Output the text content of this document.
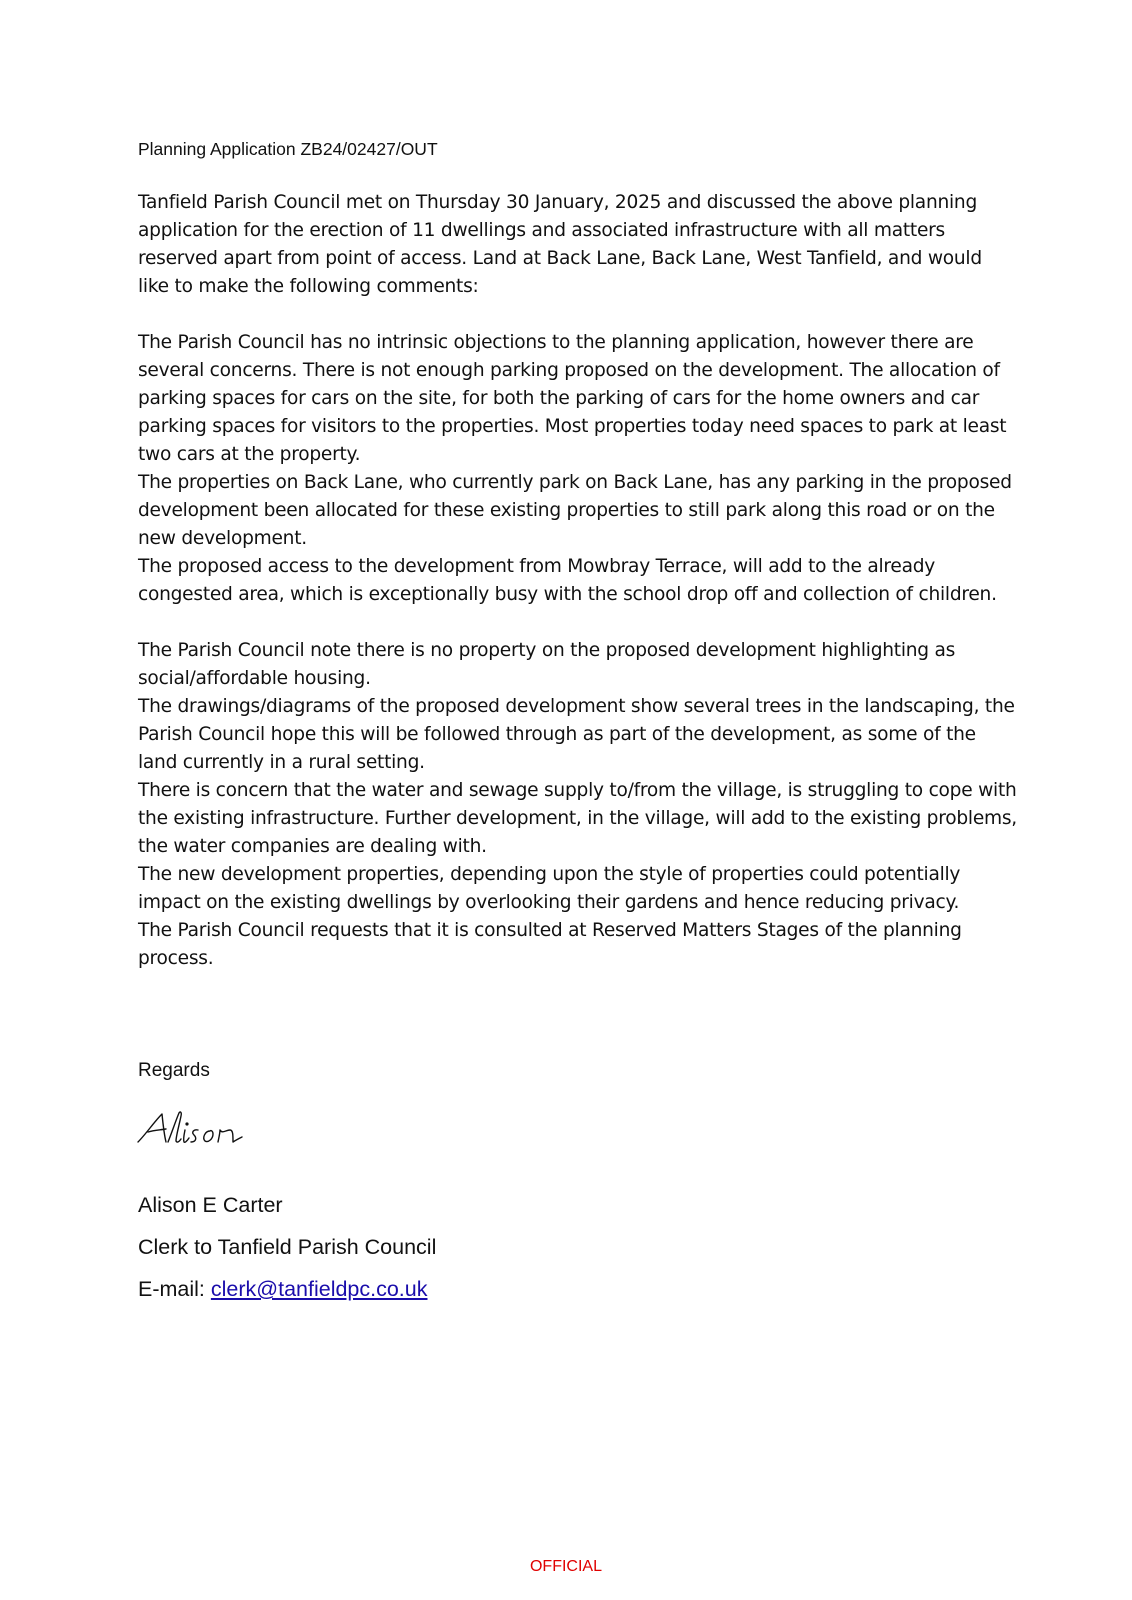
Planning Application ZB24/02427/OUT

Tanfield Parish Council met on Thursday 30 January, 2025 and discussed the above planning application for the erection of 11 dwellings and associated infrastructure with all matters reserved apart from point of access. Land at Back Lane, Back Lane, West Tanfield, and would like to make the following comments:

The Parish Council has no intrinsic objections to the planning application, however there are several concerns. There is not enough parking proposed on the development. The allocation of parking spaces for cars on the site, for both the parking of cars for the home owners and car parking spaces for visitors to the properties. Most properties today need spaces to park at least two cars at the property.

The properties on Back Lane, who currently park on Back Lane, has any parking in the proposed development been allocated for these existing properties to still park along this road or on the new development.

The proposed access to the development from Mowbray Terrace, will add to the already congested area, which is exceptionally busy with the school drop off and collection of children.

The Parish Council note there is no property on the proposed development highlighting as social/affordable housing.

The drawings/diagrams of the proposed development show several trees in the landscaping, the Parish Council hope this will be followed through as part of the development, as some of the land currently in a rural setting.

There is concern that the water and sewage supply to/from the village, is struggling to cope with the existing infrastructure. Further development, in the village, will add to the existing problems, the water companies are dealing with.

The new development properties, depending upon the style of properties could potentially impact on the existing dwellings by overlooking their gardens and hence reducing privacy.

The Parish Council requests that it is consulted at Reserved Matters Stages of the planning process.

Regards
Alison E Carter
Clerk to Tanfield Parish Council
E-mail: clerk@tanfieldpc.co.uk
OFFICIAL
